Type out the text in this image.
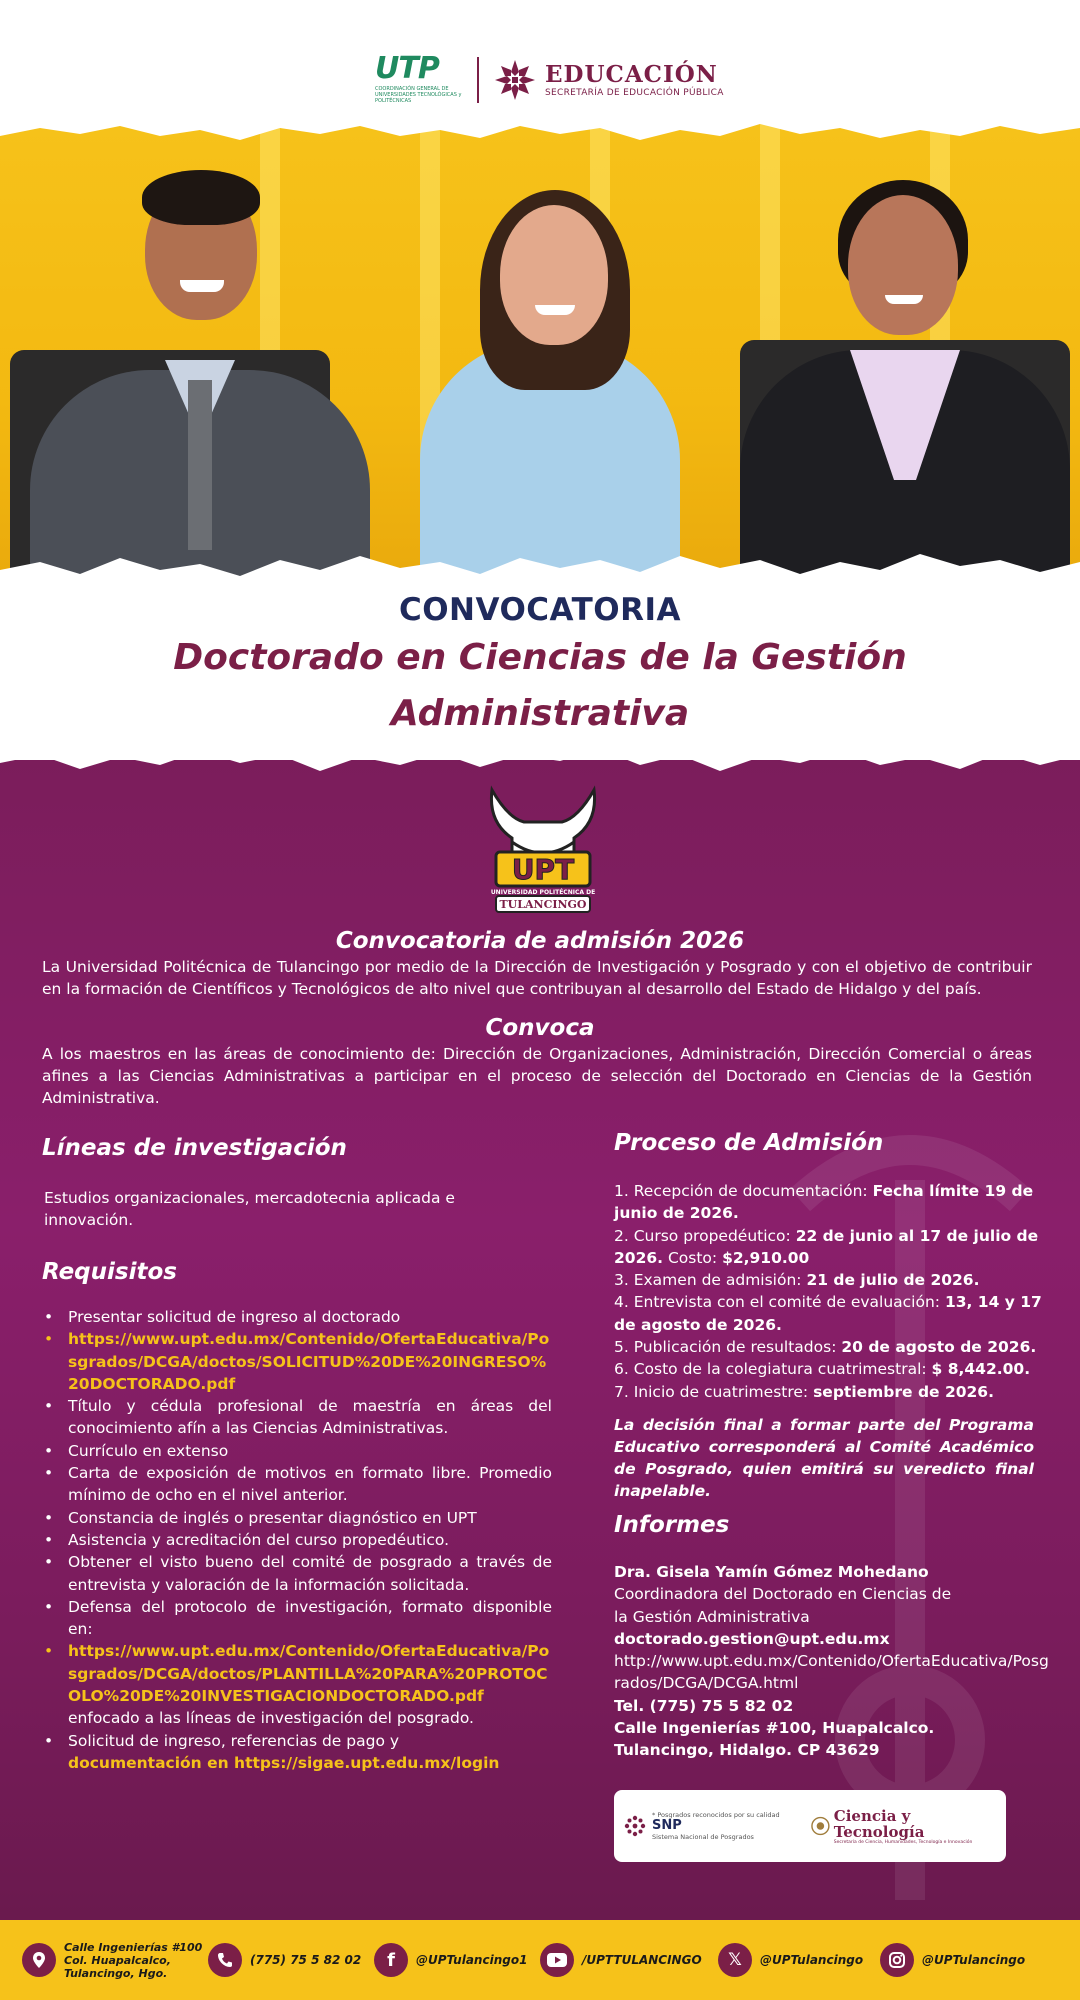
UTP
COORDINACIÓN GENERAL DE UNIVERSIDADES TECNOLÓGICAS y POLITÉCNICAS
EDUCACIÓN
SECRETARÍA DE EDUCACIÓN PÚBLICA
CONVOCATORIA
Doctorado en Ciencias de la Gestión Administrativa
UPT
UNIVERSIDAD POLITÉCNICA DE
TULANCINGO
Convocatoria de admisión 2026
La Universidad Politécnica de Tulancingo por medio de la Dirección de Investigación y Posgrado y con el objetivo de contribuir en la formación de Científicos y Tecnológicos de alto nivel que contribuyan al desarrollo del Estado de Hidalgo y del país.
Convoca
A los maestros en las áreas de conocimiento de: Dirección de Organizaciones, Administración, Dirección Comercial o áreas afines a las Ciencias Administrativas a participar en el proceso de selección del Doctorado en Ciencias de la Gestión Administrativa.
Líneas de investigación
Estudios organizacionales, mercadotecnia aplicada e innovación.
Requisitos
• Presentar solicitud de ingreso al doctorado
• https://www.upt.edu.mx/Contenido/OfertaEducativa/Posgrados/DCGA/doctos/SOLICITUD%20DE%20INGRESO%20DOCTORADO.pdf
• Título y cédula profesional de maestría en áreas del conocimiento afín a las Ciencias Administrativas.
• Currículo en extenso
• Carta de exposición de motivos en formato libre. Promedio mínimo de ocho en el nivel anterior.
• Constancia de inglés o presentar diagnóstico en UPT
• Asistencia y acreditación del curso propedéutico.
• Obtener el visto bueno del comité de posgrado a través de entrevista y valoración de la información solicitada.
• Defensa del protocolo de investigación, formato disponible en:
• https://www.upt.edu.mx/Contenido/OfertaEducativa/Posgrados/DCGA/doctos/PLANTILLA%20PARA%20PROTOCOLO%20DE%20INVESTIGACIONDOCTORADO.pdf
enfocado a las líneas de investigación del posgrado.
• Solicitud de ingreso, referencias de pago y
documentación en https://sigae.upt.edu.mx/login
Proceso de Admisión
1. Recepción de documentación: Fecha límite 19 de junio de 2026.
2. Curso propedéutico: 22 de junio al 17 de julio de 2026. Costo: $2,910.00
3. Examen de admisión: 21 de julio de 2026.
4. Entrevista con el comité de evaluación: 13, 14 y 17 de agosto de 2026.
5. Publicación de resultados: 20 de agosto de 2026.
6. Costo de la colegiatura cuatrimestral: $ 8,442.00.
7. Inicio de cuatrimestre: septiembre de 2026.
La decisión final a formar parte del Programa Educativo corresponderá al Comité Académico de Posgrado, quien emitirá su veredicto final inapelable.
Informes
Dra. Gisela Yamín Gómez Mohedano
Coordinadora del Doctorado en Ciencias de la Gestión Administrativa
doctorado.gestion@upt.edu.mx
http://www.upt.edu.mx/Contenido/OfertaEducativa/Posgrados/DCGA/DCGA.html
Tel. (775) 75 5 82 02
Calle Ingenierías #100, Huapalcalco.
Tulancingo, Hidalgo. CP 43629
* Posgrados reconocidos por su calidad
SNP
Sistema Nacional de Posgrados
Ciencia y Tecnología
Secretaría de Ciencia, Humanidades, Tecnología e Innovación
Calle Ingenierías #100
Col. Huapalcalco,
Tulancingo, Hgo.
(775) 75 5 82 02 f @UPTulancingo1	/UPTTULANCINGO 𝕏 @UPTulancingo	@UPTulancingo
